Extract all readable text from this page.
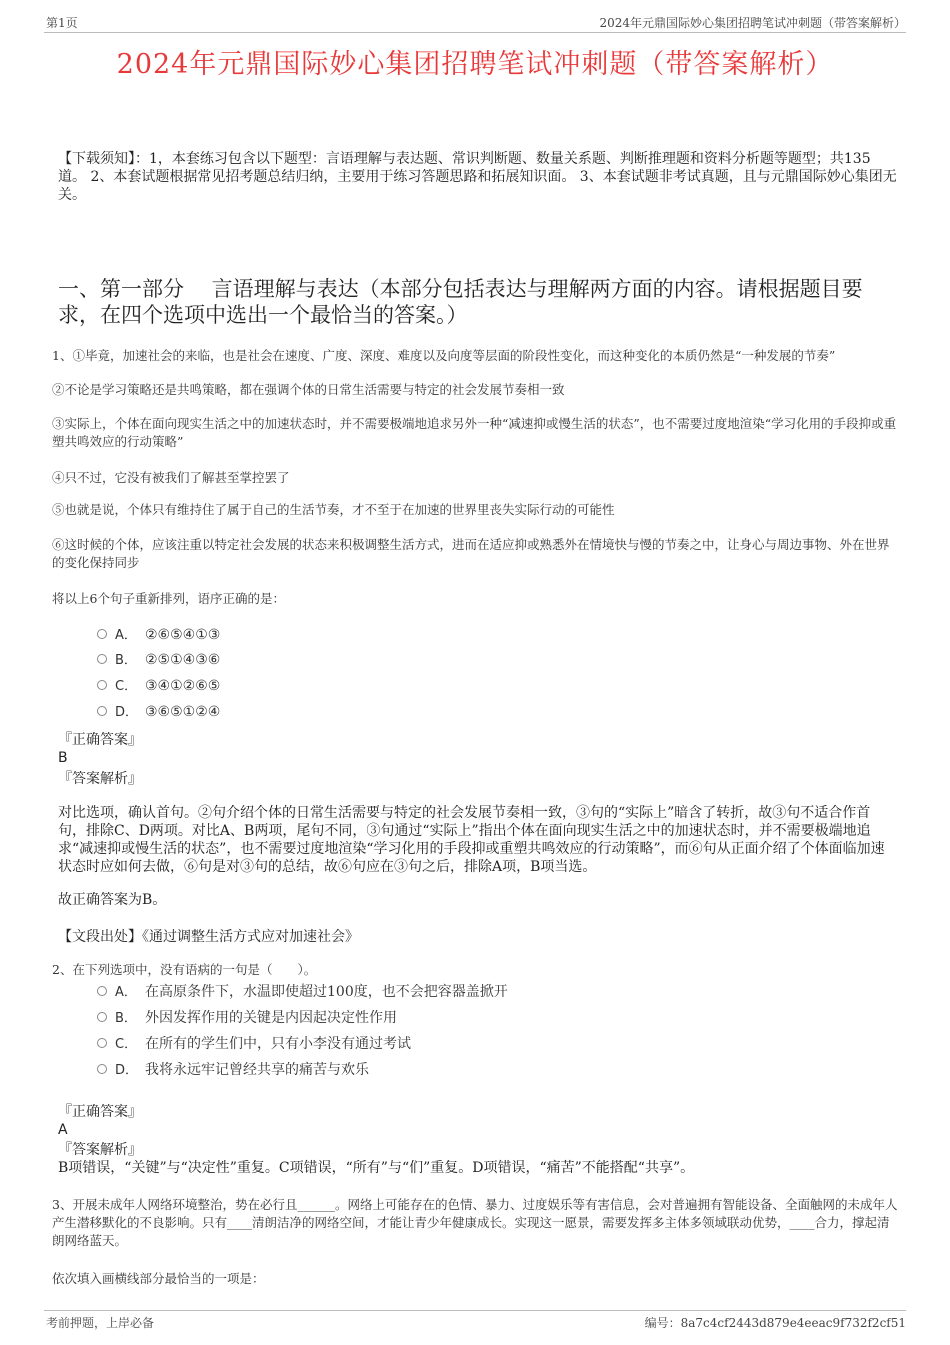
第1页	2024年元鼎国际妙心集团招聘笔试冲刺题（带答案解析）
2024年元鼎国际妙心集团招聘笔试冲刺题（带答案解析）
【下载须知】：1，本套练习包含以下题型：言语理解与表达题、常识判断题、数量关系题、判断推理题和资料分析题等题型；共135道。 2、本套试题根据常见招考题总结归纳，主要用于练习答题思路和拓展知识面。 3、本套试题非考试真题，且与元鼎国际妙心集团无关。
一、第一部分　 言语理解与表达（本部分包括表达与理解两方面的内容。请根据题目要求，在四个选项中选出一个最恰当的答案。）
1、①毕竟，加速社会的来临，也是社会在速度、广度、深度、难度以及向度等层面的阶段性变化，而这种变化的本质仍然是“一种发展的节奏”
②不论是学习策略还是共鸣策略，都在强调个体的日常生活需要与特定的社会发展节奏相一致
③实际上，个体在面向现实生活之中的加速状态时，并不需要极端地追求另外一种“减速抑或慢生活的状态”，也不需要过度地渲染“学习化用的手段抑或重塑共鸣效应的行动策略”
④只不过，它没有被我们了解甚至掌控罢了
⑤也就是说，个体只有维持住了属于自己的生活节奏，才不至于在加速的世界里丧失实际行动的可能性
⑥这时候的个体，应该注重以特定社会发展的状态来积极调整生活方式，进而在适应抑或熟悉外在情境快与慢的节奏之中，让身心与周边事物、外在世界的变化保持同步
将以上6个句子重新排列，语序正确的是：
A． ②⑥⑤④①③
B． ②⑤①④③⑥
C． ③④①②⑥⑤
D． ③⑥⑤①②④
『正确答案』
B
『答案解析』
对比选项，确认首句。②句介绍个体的日常生活需要与特定的社会发展节奏相一致，③句的“实际上”暗含了转折，故③句不适合作首句，排除C、D两项。对比A、B两项，尾句不同，③句通过“实际上”指出个体在面向现实生活之中的加速状态时，并不需要极端地追求“减速抑或慢生活的状态”，也不需要过度地渲染“学习化用的手段抑或重塑共鸣效应的行动策略”，而⑥句从正面介绍了个体面临加速状态时应如何去做，⑥句是对③句的总结，故⑥句应在③句之后，排除A项，B项当选。
故正确答案为B。
【文段出处】《通过调整生活方式应对加速社会》
2、在下列选项中，没有语病的一句是（　　）。
A． 在高原条件下，水温即使超过100度，也不会把容器盖掀开
B． 外因发挥作用的关键是内因起决定性作用
C． 在所有的学生们中，只有小李没有通过考试
D． 我将永远牢记曾经共享的痛苦与欢乐
『正确答案』
A
『答案解析』
B项错误，“关键”与“决定性”重复。C项错误，“所有”与“们”重复。D项错误，“痛苦”不能搭配“共享”。
3、开展未成年人网络环境整治，势在必行且______。网络上可能存在的色情、暴力、过度娱乐等有害信息，会对普遍拥有智能设备、全面触网的未成年人产生潜移默化的不良影响。只有____清朗洁净的网络空间，才能让青少年健康成长。实现这一愿景，需要发挥多主体多领域联动优势，____合力，撑起清朗网络蓝天。
依次填入画横线部分最恰当的一项是：
考前押题，上岸必备	编号：8a7c4cf2443d879e4eeac9f732f2cf51
